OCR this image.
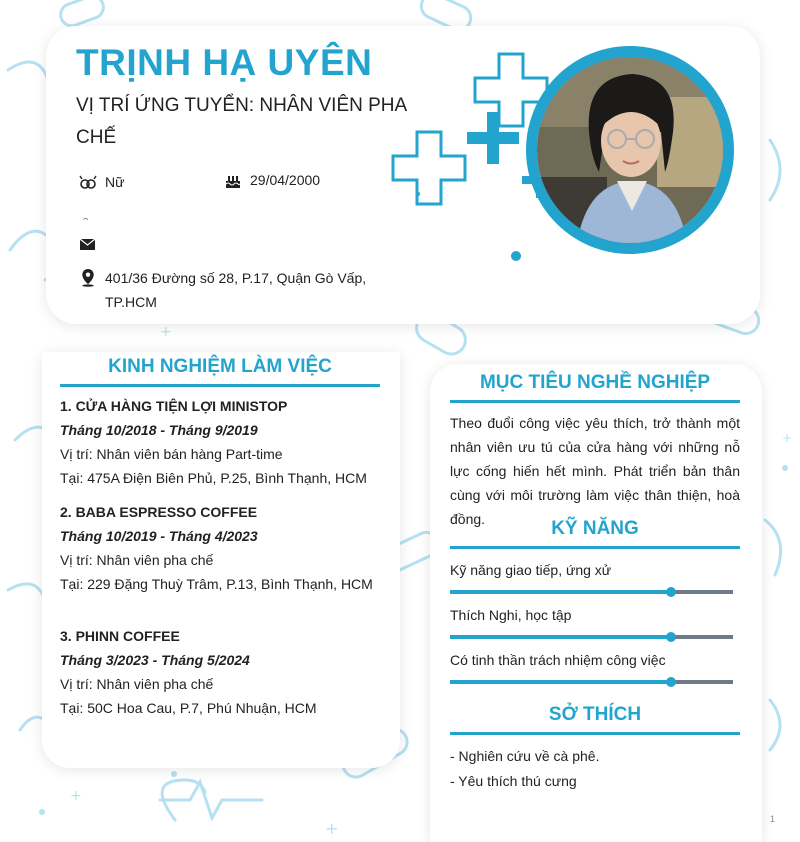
+
+
+
+
TRỊNH HẠ UYÊN
VỊ TRÍ ỨNG TUYỂN: NHÂN VIÊN PHA CHẾ
Nữ	29/04/2000
401/36 Đường số 28, P.17, Quận Gò Vấp, TP.HCM
KINH NGHIỆM LÀM VIỆC
1. CỬA HÀNG TIỆN LỢI MINISTOP
Tháng 10/2018 - Tháng 9/2019
Vị trí: Nhân viên bán hàng Part-time
Tại: 475A Điện Biên Phủ, P.25, Bình Thạnh, HCM
2. BABA ESPRESSO COFFEE
Tháng 10/2019 - Tháng 4/2023
Vị trí: Nhân viên pha chế
Tại: 229 Đặng Thuỳ Trâm, P.13, Bình Thạnh, HCM
3. PHINN COFFEE
Tháng 3/2023 - Tháng 5/2024
Vị trí: Nhân viên pha chế
Tại: 50C Hoa Cau, P.7, Phú Nhuận, HCM
MỤC TIÊU NGHỀ NGHIỆP
Theo đuổi công việc yêu thích, trở thành một nhân viên ưu tú của cửa hàng với những nỗ lực cống hiến hết mình. Phát triển bản thân cùng với môi trường làm việc thân thiện, hoà đồng.	KỸ NĂNG
Kỹ năng giao tiếp, ứng xử
Thích Nghi, học tập
Có tinh thần trách nhiệm công việc
SỞ THÍCH
- Nghiên cứu về cà phê.
- Yêu thích thú cưng
1
